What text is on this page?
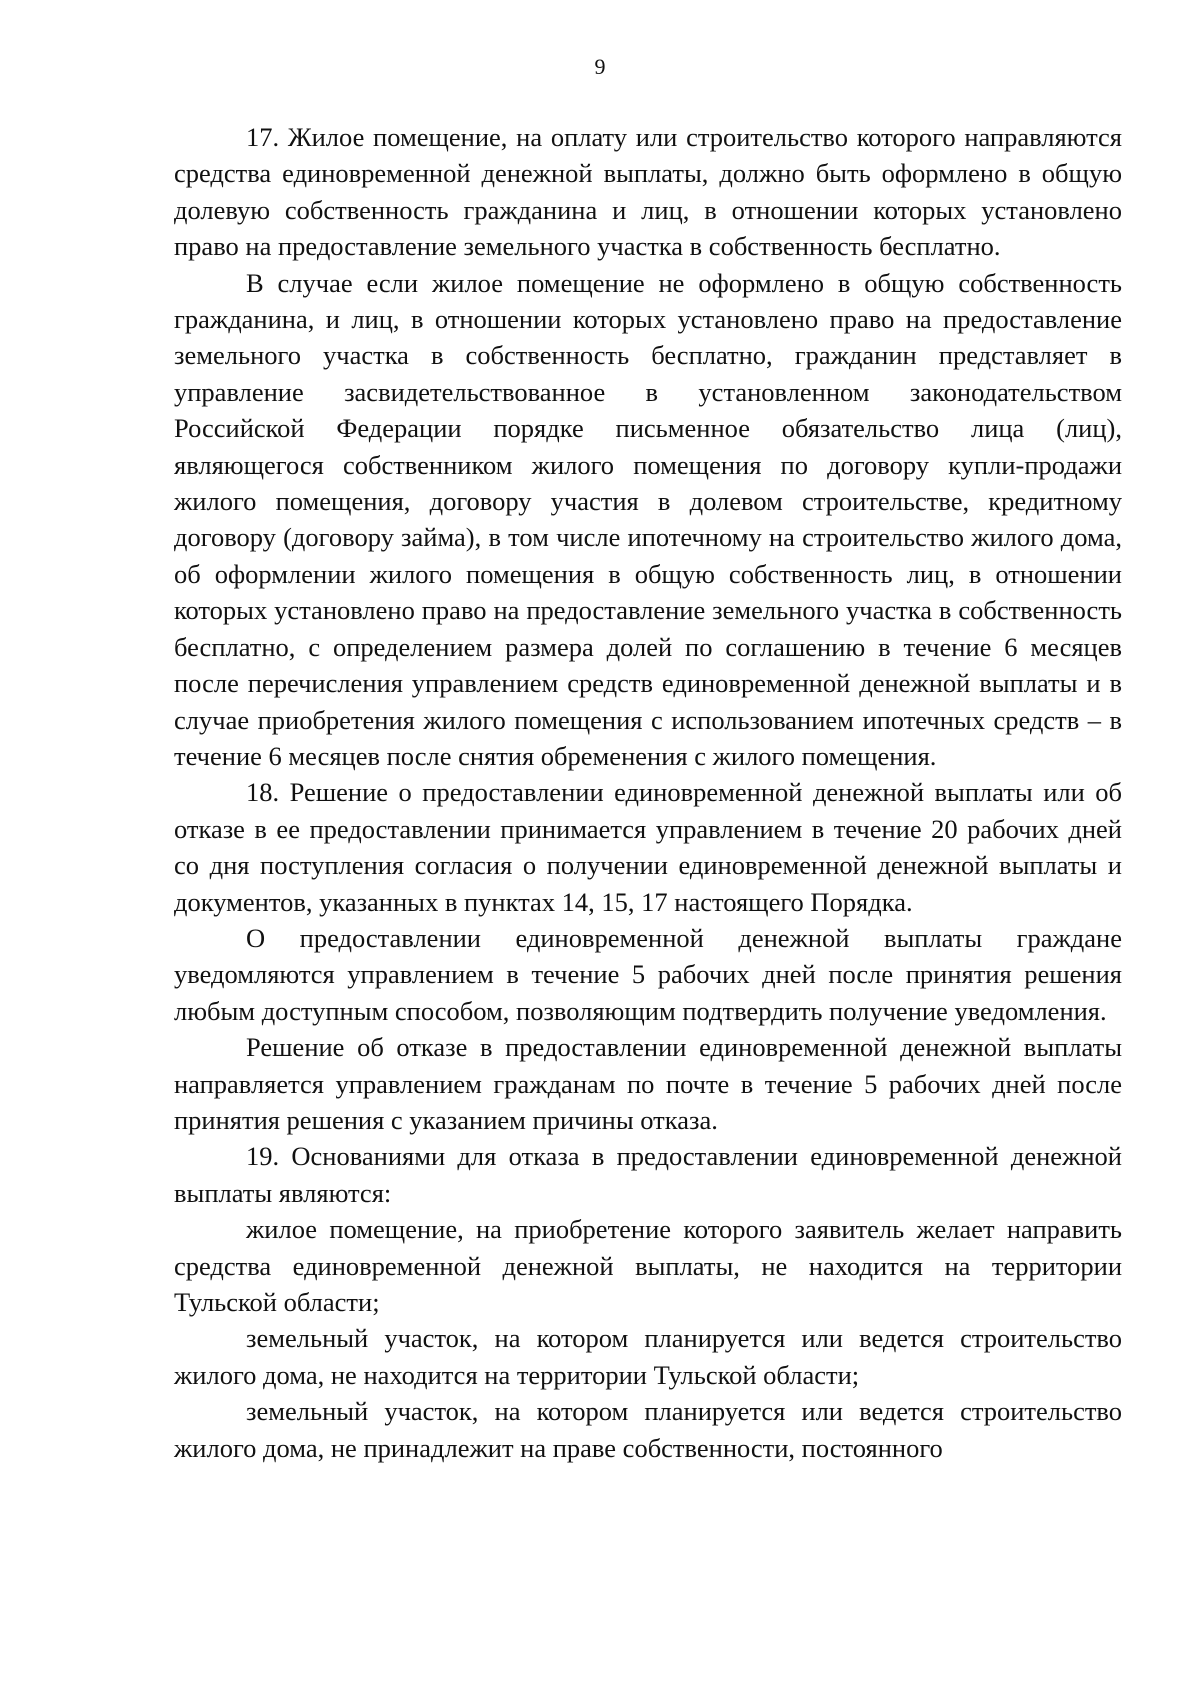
9

17. Жилое помещение, на оплату или строительство которого направляются средства единовременной денежной выплаты, должно быть оформлено в общую долевую собственность гражданина и лиц, в отношении которых установлено право на предоставление земельного участка в собственность бесплатно.

В случае если жилое помещение не оформлено в общую собственность гражданина, и лиц, в отношении которых установлено право на предоставление земельного участка в собственность бесплатно, гражданин представляет в управление засвидетельствованное в установленном законодательством Российской Федерации порядке письменное обязательство лица (лиц), являющегося собственником жилого помещения по договору купли-продажи жилого помещения, договору участия в долевом строительстве, кредитному договору (договору займа), в том числе ипотечному на строительство жилого дома, об оформлении жилого помещения в общую собственность лиц, в отношении которых установлено право на предоставление земельного участка в собственность бесплатно, с определением размера долей по соглашению в течение 6 месяцев после перечисления управлением средств единовременной денежной выплаты и в случае приобретения жилого помещения с использованием ипотечных средств – в течение 6 месяцев после снятия обременения с жилого помещения.

18. Решение о предоставлении единовременной денежной выплаты или об отказе в ее предоставлении принимается управлением в течение 20 рабочих дней со дня поступления согласия о получении единовременной денежной выплаты и документов, указанных в пунктах 14, 15, 17 настоящего Порядка.

О предоставлении единовременной денежной выплаты граждане уведомляются управлением в течение 5 рабочих дней после принятия решения любым доступным способом, позволяющим подтвердить получение уведомления.

Решение об отказе в предоставлении единовременной денежной выплаты направляется управлением гражданам по почте в течение 5 рабочих дней после принятия решения с указанием причины отказа.

19. Основаниями для отказа в предоставлении единовременной денежной выплаты являются:

жилое помещение, на приобретение которого заявитель желает направить средства единовременной денежной выплаты, не находится на территории Тульской области;

земельный участок, на котором планируется или ведется строительство жилого дома, не находится на территории Тульской области;

земельный участок, на котором планируется или ведется строительство жилого дома, не принадлежит на праве собственности, постоянного
